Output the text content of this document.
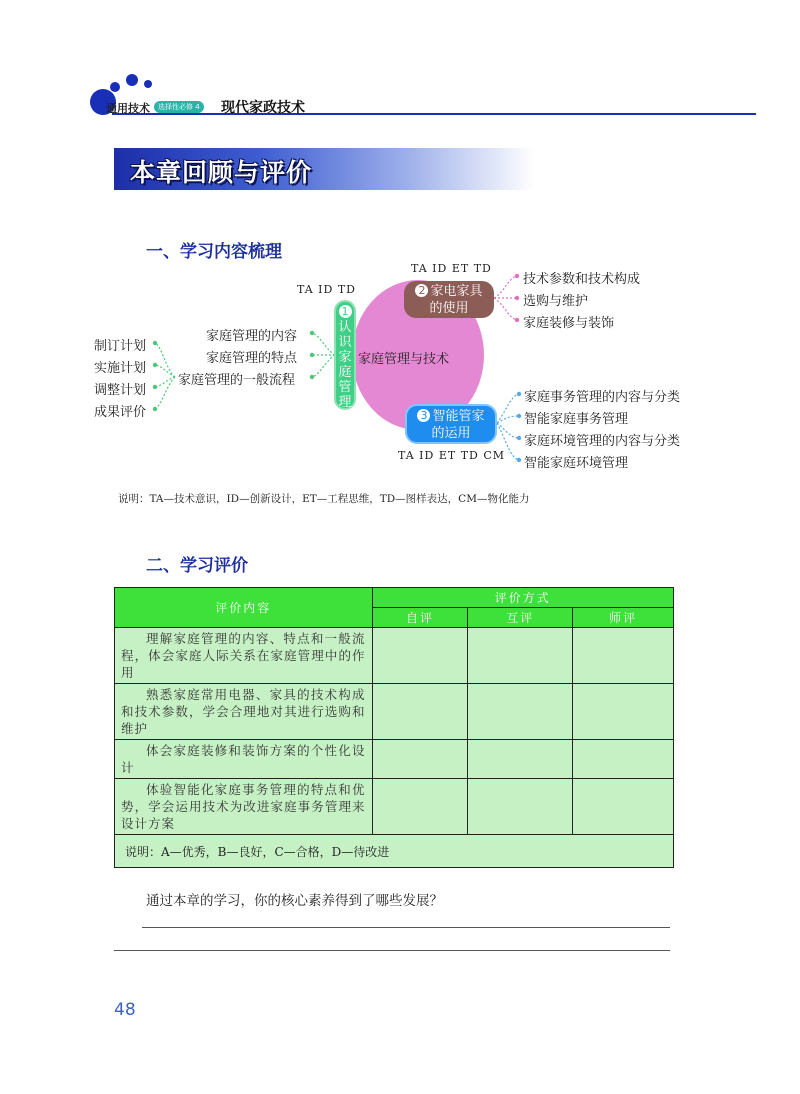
通用技术	选择性必修 4 现代家政技术
本章回顾与评价
一、学习内容梳理
家庭管理与技术
1
认
识
家
庭
管
理
TA ID TD
家庭管理的内容
家庭管理的特点
家庭管理的一般流程
制订计划
实施计划
调整计划
成果评价
TA ID ET TD
2 家电家具
的使用
技术参数和技术构成
选购与维护
家庭装修与装饰
3 智能管家
的运用
TA ID ET TD CM
家庭事务管理的内容与分类
智能家庭事务管理
家庭环境管理的内容与分类
智能家庭环境管理
说明：TA—技术意识，ID—创新设计，ET—工程思维，TD—图样表达，CM—物化能力
二、学习评价
评价内容	评价方式		
	自评	互评	师评
理解家庭管理的内容、特点和一般流程，体会家庭人际关系在家庭管理中的作用			
熟悉家庭常用电器、家具的技术构成和技术参数，学会合理地对其进行选购和维护			
体会家庭装修和装饰方案的个性化设计			
体验智能化家庭事务管理的特点和优势，学会运用技术为改进家庭事务管理来设计方案			
说明：A—优秀，B—良好，C—合格，D—待改进			
通过本章的学习，你的核心素养得到了哪些发展？
48
